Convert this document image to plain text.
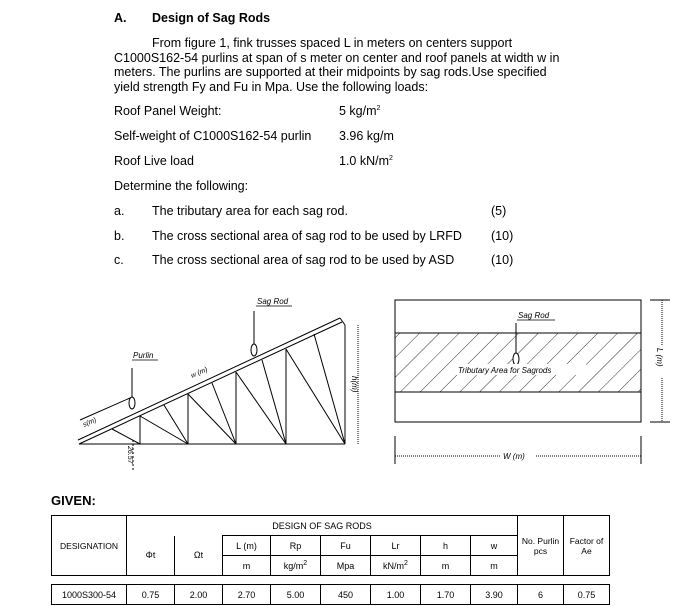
A. Design of Sag Rods
From figure 1, fink trusses spaced L in meters on centers support
C1000S162-54 purlins at span of s meter on center and roof panels at width w in
meters. The purlins are supported at their midpoints by sag rods.Use specified
yield strength Fy and Fu in Mpa. Use the following loads:
Roof Panel Weight:	5 $kg/m^2$
Self-weight of C1000S162-54 purlin 3.96 kg/m
Roof Live load	1.0 $kN/m^2$
Determine the following:
a. The tributary area for each sag rod.	(5)
b. The cross sectional area of sag rod to be used by LRFD (10)
c. The cross sectional area of sag rod to be used by ASD	(10)
Sag Rod
Purlin
w (m)
s(m)
26.57
h(m)
Sag Rod
Tributary Area for Sagrods
W (m)
L (m)
GIVEN:
DESIGNATION	DESIGN OF SAG RODS								No. Purlin
pcs	Factor of Ae
	Φt	Ωt	L (m)	Rp	Fu	Lr	h	w		
			m	$kg/m^2$	Mpa	$kN/m^2$	m	m		

1000S300-54	0.75	2.00	2.70	5.00	450	1.00	1.70	3.90	6	0.75
